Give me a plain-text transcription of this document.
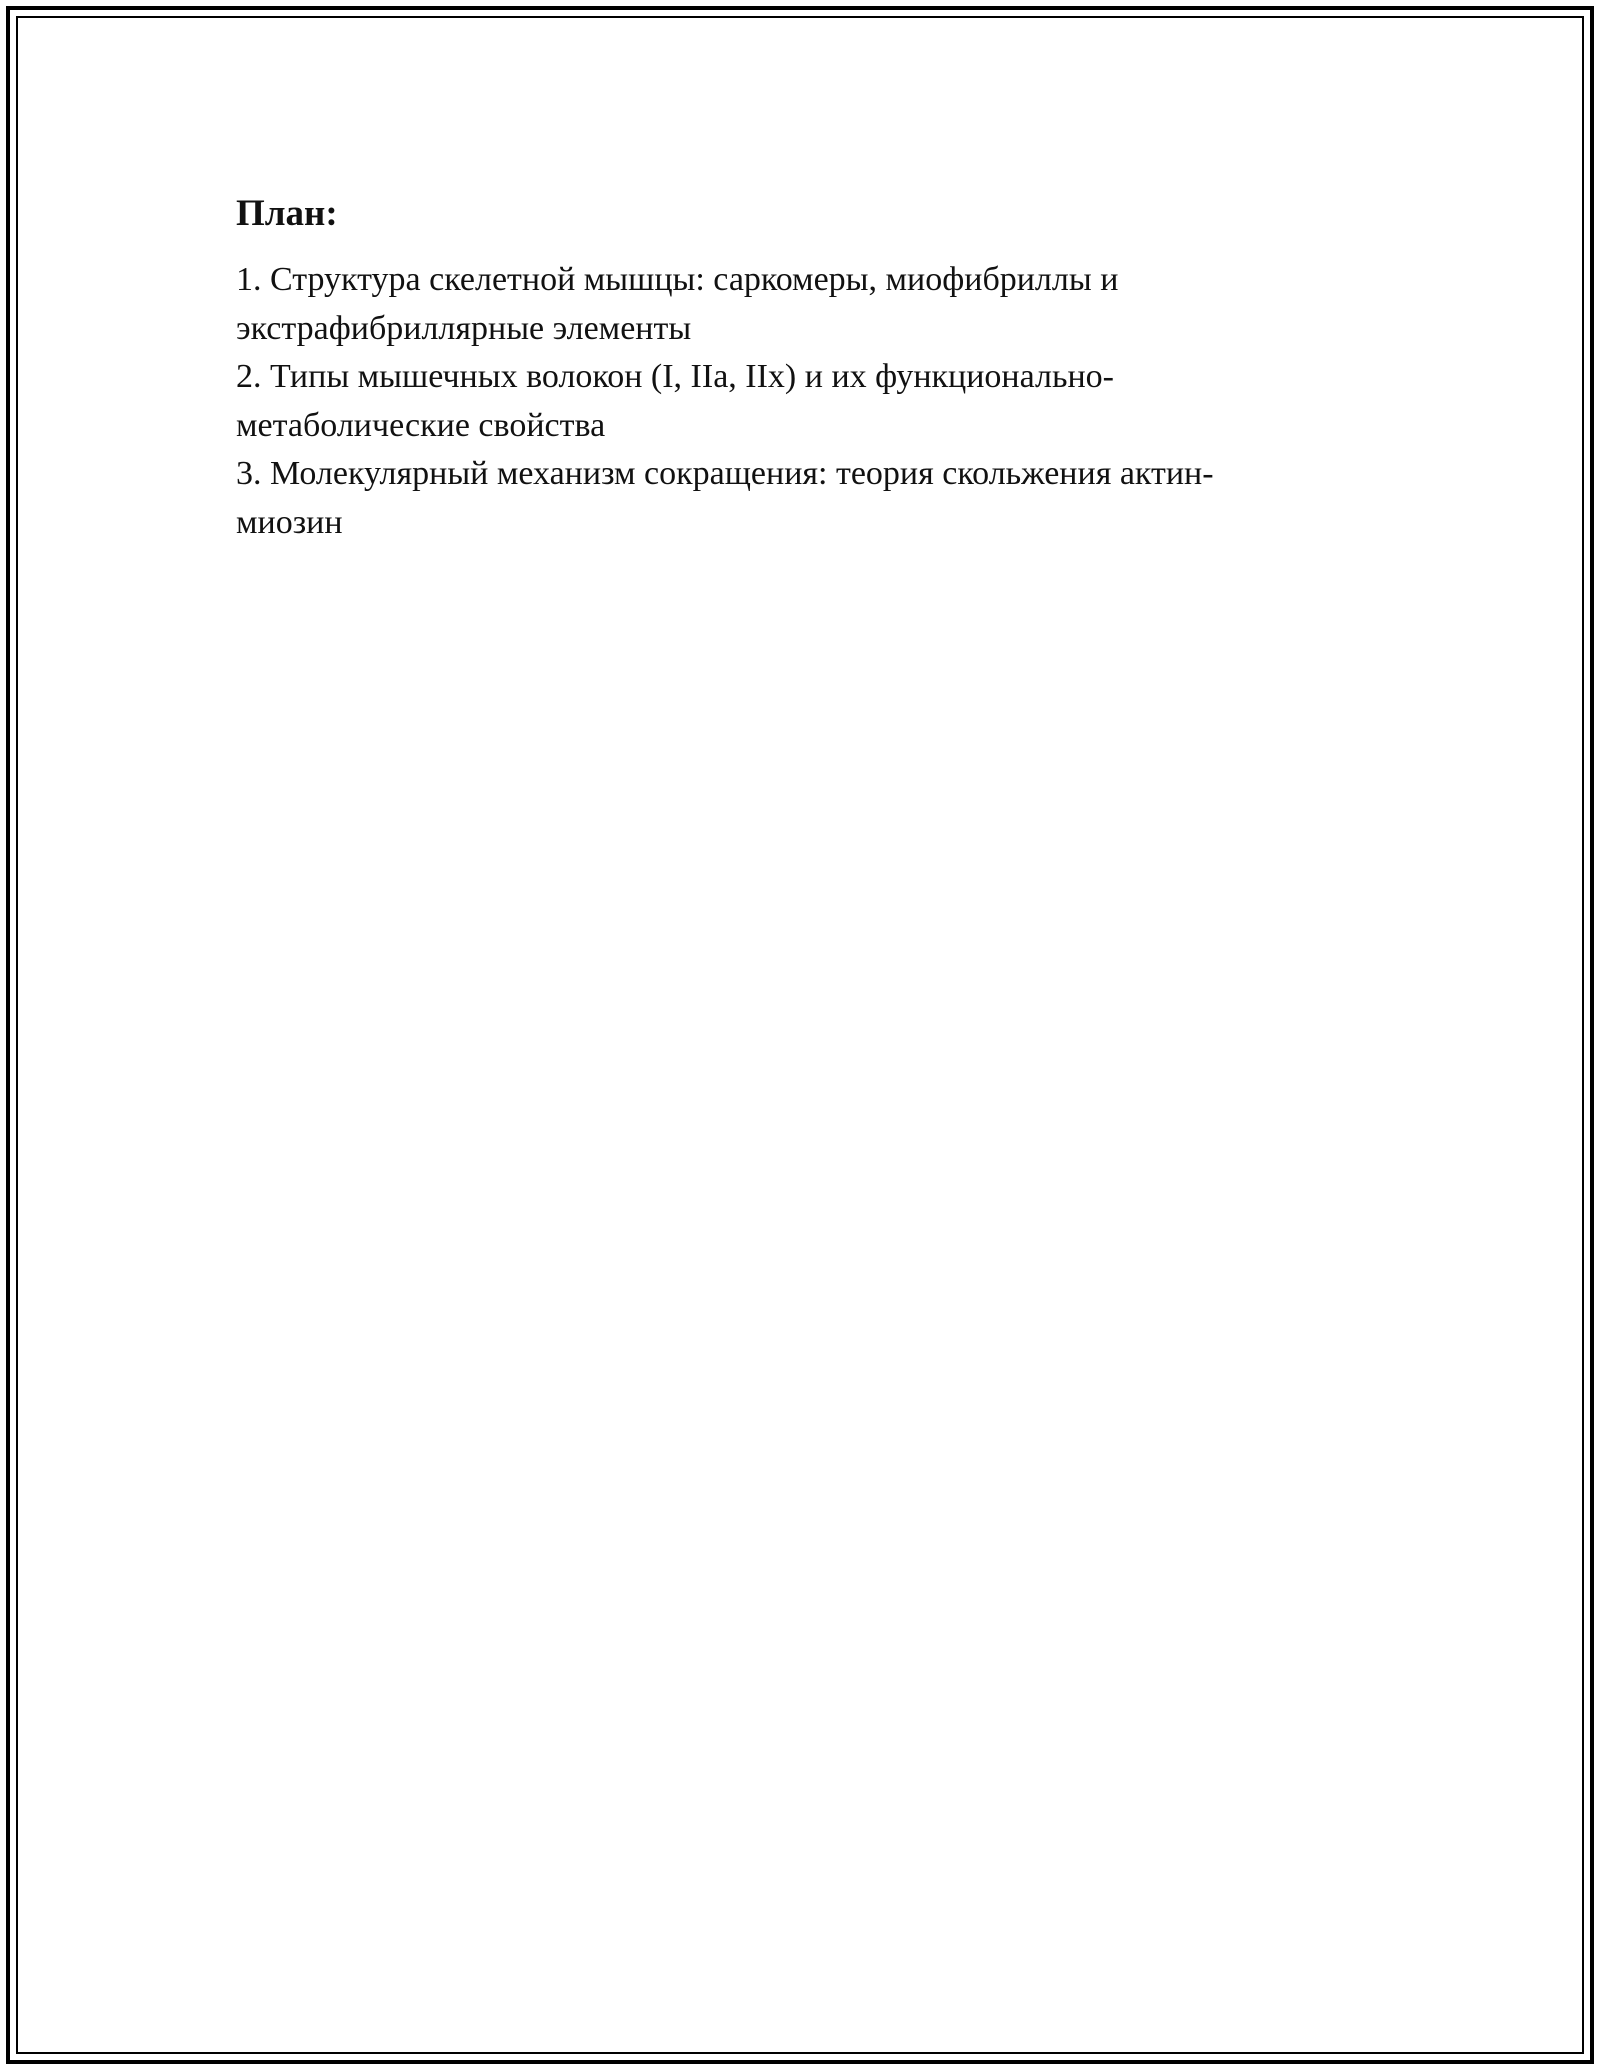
План:
1. Структура скелетной мышцы: саркомеры, миофибриллы и
экстрафибриллярные элементы
2. Типы мышечных волокон (I, IIa, IIx) и их функционально-
метаболические свойства
3. Молекулярный механизм сокращения: теория скольжения актин-
миозин
